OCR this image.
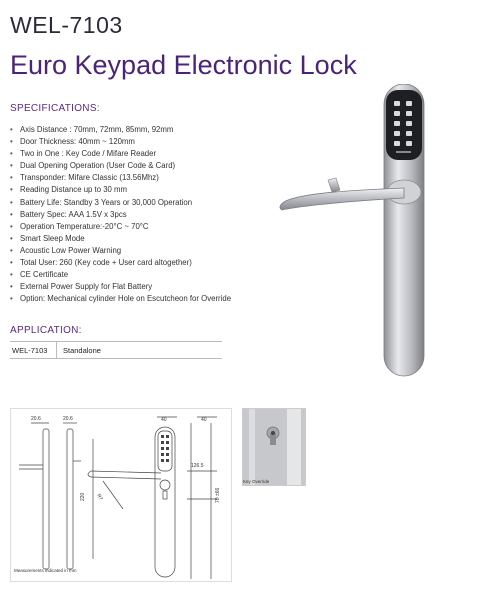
WEL-7103
Euro Keypad Electronic Lock
SPECIFICATIONS:
• Axis Distance : 70mm, 72mm, 85mm, 92mm
• Door Thickness: 40mm ~ 120mm
• Two in One : Key Code / Mifare Reader
• Dual Opening Operation (User Code & Card)
• Transponder: Mifare Classic (13.56Mhz)
• Reading Distance up to 30 mm
• Battery Life: Standby 3 Years or 30,000 Operation
• Battery Spec: AAA 1.5V x 3pcs
• Operation Temperature:-20°C ~ 70°C
• Smart Sleep Mode
• Acoustic Low Power Warning
• Total User: 260 (Key code + User card altogether)
• CE Certificate
• External Power Supply for Flat Battery
• Option: Mechanical cylinder Hole on Escutcheon for Override
APPLICATION:
WEL-7103	Standalone
20.6	20.6
220
40	40
126.5
R7	70 ±66
Measurements indicated in mm
Key Override
